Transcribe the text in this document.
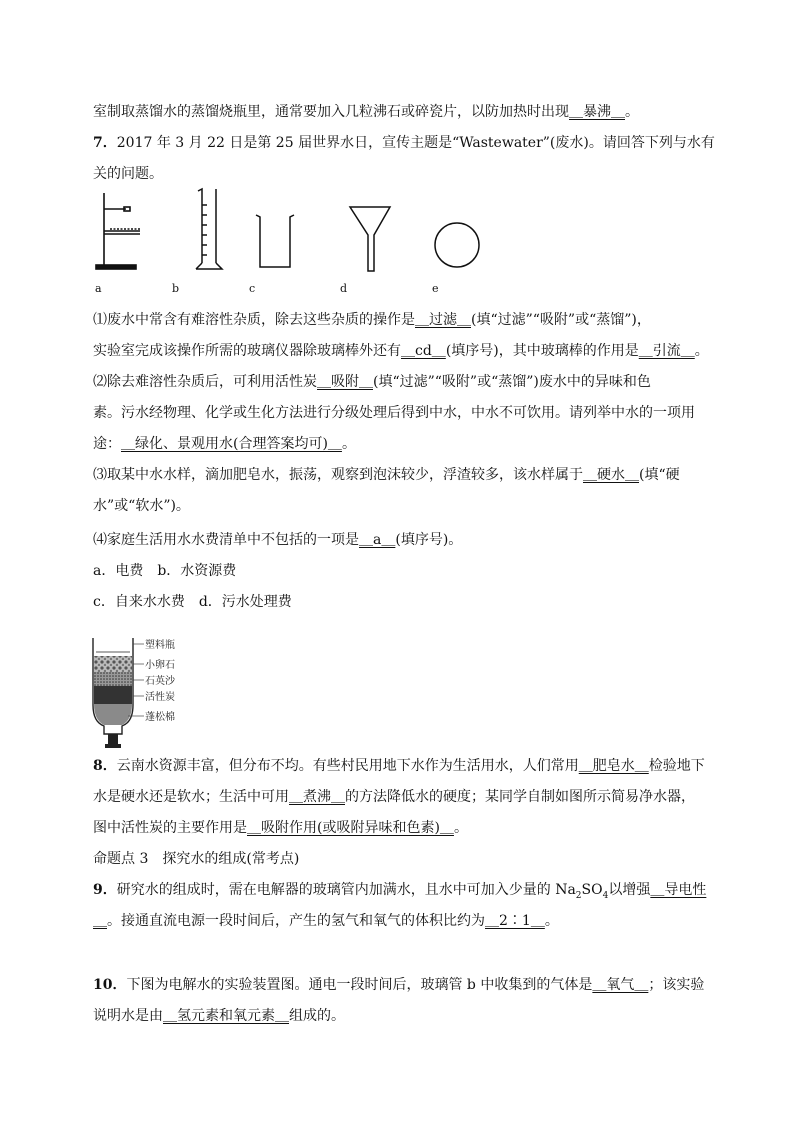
室制取蒸馏水的蒸馏烧瓶里，通常要加入几粒沸石或碎瓷片，以防加热时出现＿暴沸＿。
7．2017 年 3 月 22 日是第 25 届世界水日，宣传主题是“Wastewater”(废水)。请回答下列与水有
关的问题。
a	b	c	d	e
⑴废水中常含有难溶性杂质，除去这些杂质的操作是＿过滤＿(填“过滤”“吸附”或“蒸馏”)，
实验室完成该操作所需的玻璃仪器除玻璃棒外还有＿cd＿(填序号)，其中玻璃棒的作用是＿引流＿。
⑵除去难溶性杂质后，可利用活性炭＿吸附＿(填“过滤”“吸附”或“蒸馏”)废水中的异味和色
素。污水经物理、化学或生化方法进行分级处理后得到中水，中水不可饮用。请列举中水的一项用
途：＿绿化、景观用水(合理答案均可)＿。
⑶取某中水水样，滴加肥皂水，振荡，观察到泡沫较少，浮渣较多，该水样属于＿硬水＿(填“硬
水”或“软水”)。
⑷家庭生活用水水费清单中不包括的一项是＿a＿(填序号)。
a．电费　b．水资源费
c．自来水水费　d．污水处理费
塑料瓶
小卵石
石英沙
活性炭
蓬松棉
8．云南水资源丰富，但分布不均。有些村民用地下水作为生活用水，人们常用＿肥皂水＿检验地下
水是硬水还是软水；生活中可用＿煮沸＿的方法降低水的硬度；某同学自制如图所示简易净水器，
图中活性炭的主要作用是＿吸附作用(或吸附异味和色素)＿。
命题点 3　探究水的组成(常考点)
9．研究水的组成时，需在电解器的玻璃管内加满水，且水中可加入少量的 $Na_2SO_4$以增强＿导电性
＿。接通直流电源一段时间后，产生的氢气和氧气的体积比约为＿2∶1＿。
10．下图为电解水的实验装置图。通电一段时间后，玻璃管 b 中收集到的气体是＿氧气＿；该实验
说明水是由＿氢元素和氧元素＿组成的。
